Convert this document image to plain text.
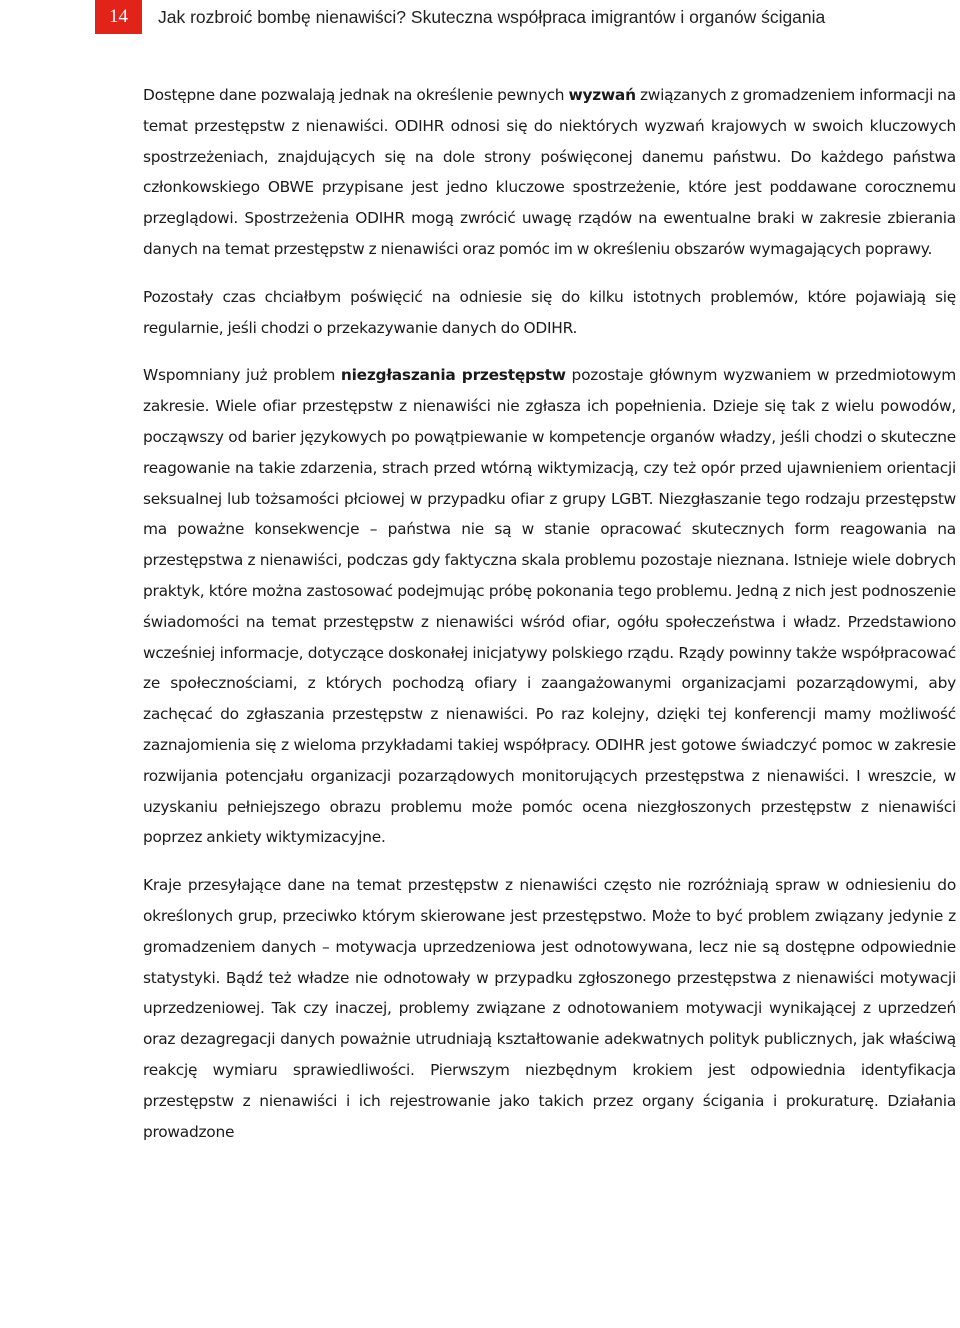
14	Jak rozbroić bombę nienawiści? Skuteczna współpraca imigrantów i organów ścigania

Dostępne dane pozwalają jednak na określenie pewnych wyzwań związanych z gromadzeniem informacji na temat przestępstw z nienawiści. ODIHR odnosi się do niektórych wyzwań krajowych w swoich kluczowych spostrzeżeniach, znajdujących się na dole strony poświęconej danemu państwu. Do każdego państwa członkowskiego OBWE przypisane jest jedno kluczowe spostrzeżenie, które jest poddawane corocznemu przeglądowi. Spostrzeżenia ODIHR mogą zwrócić uwagę rządów na ewentualne braki w zakresie zbierania danych na temat przestępstw z nienawiści oraz pomóc im w określeniu obszarów wymagających poprawy.

Pozostały czas chciałbym poświęcić na odniesie się do kilku istotnych problemów, które pojawiają się regularnie, jeśli chodzi o przekazywanie danych do ODIHR.

Wspomniany już problem niezgłaszania przestępstw pozostaje głównym wyzwaniem w przedmiotowym zakresie. Wiele ofiar przestępstw z nienawiści nie zgłasza ich popełnienia. Dzieje się tak z wielu powodów, począwszy od barier językowych po powątpiewanie w kompetencje organów władzy, jeśli chodzi o skuteczne reagowanie na takie zdarzenia, strach przed wtórną wiktymizacją, czy też opór przed ujawnieniem orientacji seksualnej lub tożsamości płciowej w przypadku ofiar z grupy LGBT. Niezgłaszanie tego rodzaju przestępstw ma poważne konsekwencje – państwa nie są w stanie opracować skutecznych form reagowania na przestępstwa z nienawiści, podczas gdy faktyczna skala problemu pozostaje nieznana. Istnieje wiele dobrych praktyk, które można zastosować podejmując próbę pokonania tego problemu. Jedną z nich jest podnoszenie świadomości na temat przestępstw z nienawiści wśród ofiar, ogółu społeczeństwa i władz. Przedstawiono wcześniej informacje, dotyczące doskonałej inicjatywy polskiego rządu. Rządy powinny także współpracować ze społecznościami, z których pochodzą ofiary i zaangażowanymi organizacjami pozarządowymi, aby zachęcać do zgłaszania przestępstw z nienawiści. Po raz kolejny, dzięki tej konferencji mamy możliwość zaznajomienia się z wieloma przykładami takiej współpracy. ODIHR jest gotowe świadczyć pomoc w zakresie rozwijania potencjału organizacji pozarządowych monitorujących przestępstwa z nienawiści. I wreszcie, w uzyskaniu pełniejszego obrazu problemu może pomóc ocena niezgłoszonych przestępstw z nienawiści poprzez ankiety wiktymizacyjne.

Kraje przesyłające dane na temat przestępstw z nienawiści często nie rozróżniają spraw w odniesieniu do określonych grup, przeciwko którym skierowane jest przestępstwo. Może to być problem związany jedynie z gromadzeniem danych – motywacja uprzedzeniowa jest odnotowywana, lecz nie są dostępne odpowiednie statystyki. Bądź też władze nie odnotowały w przypadku zgłoszonego przestępstwa z nienawiści motywacji uprzedzeniowej. Tak czy inaczej, problemy związane z odnotowaniem motywacji wynikającej z uprzedzeń oraz dezagregacji danych poważnie utrudniają kształtowanie adekwatnych polityk publicznych, jak właściwą reakcję wymiaru sprawiedliwości. Pierwszym niezbędnym krokiem jest odpowiednia identyfikacja przestępstw z nienawiści i ich rejestrowanie jako takich przez organy ścigania i prokuraturę. Działania prowadzone
